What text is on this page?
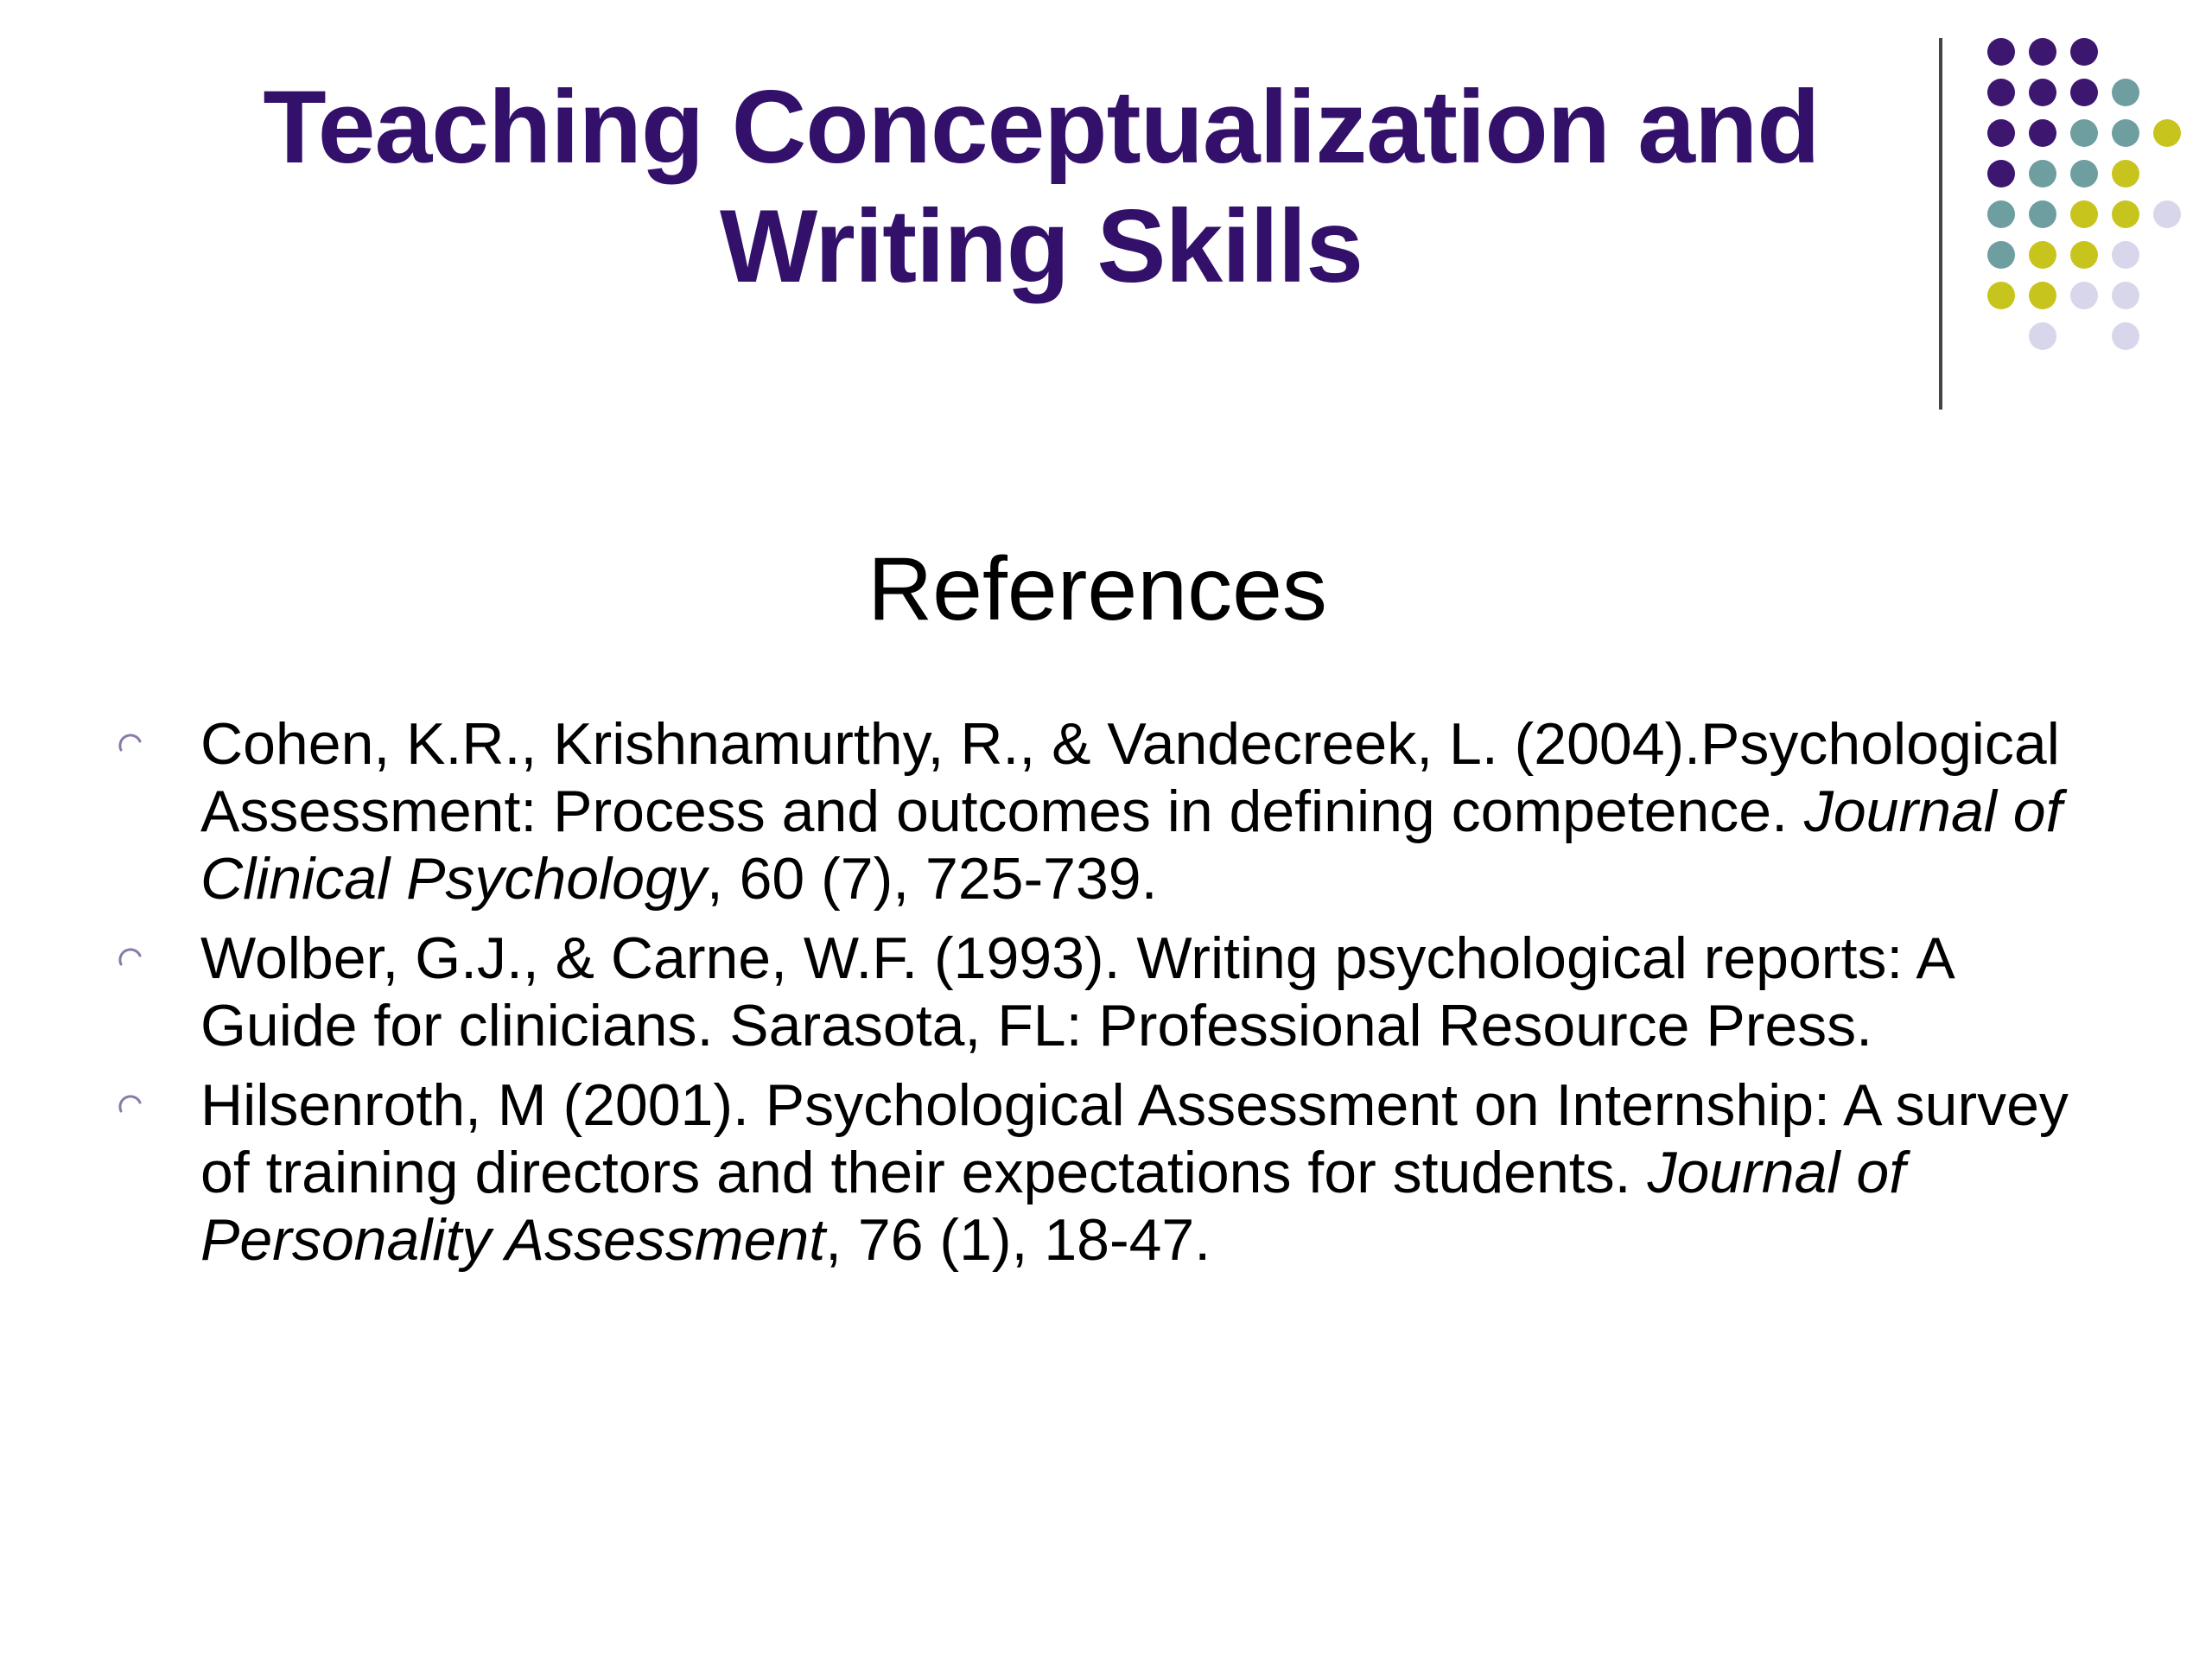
Teaching Conceptualization and
Writing Skills
References
Cohen, K.R., Krishnamurthy, R., & Vandecreek, L. (2004).Psychological Assessment: Process and outcomes in defining competence. Journal of Clinical Psychology, 60 (7), 725-739.
Wolber, G.J., & Carne, W.F. (1993). Writing psychological reports: A Guide for clinicians. Sarasota, FL: Professional Resource Press.
Hilsenroth, M (2001). Psychological Assessment on Internship: A survey of training directors and their expectations for students. Journal of Personality Assessment, 76 (1), 18-47.
